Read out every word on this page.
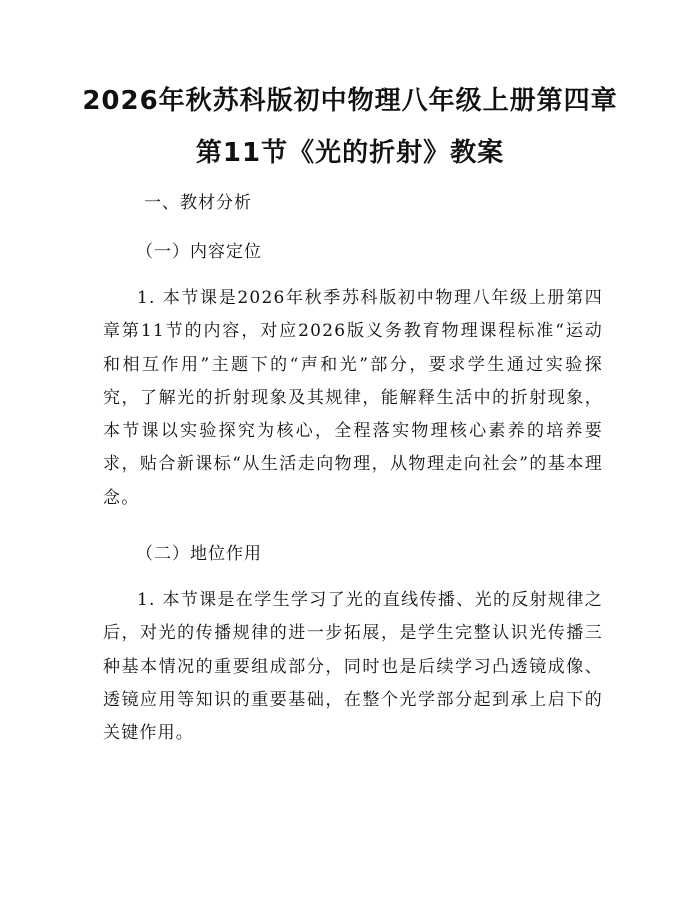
2026年秋苏科版初中物理八年级上册第四章
第11节《光的折射》教案
一、教材分析
（一）内容定位
1. 本节课是2026年秋季苏科版初中物理八年级上册第四章第11节的内容，对应2026版义务教育物理课程标准“运动和相互作用”主题下的“声和光”部分，要求学生通过实验探究，了解光的折射现象及其规律，能解释生活中的折射现象，本节课以实验探究为核心，全程落实物理核心素养的培养要求，贴合新课标“从生活走向物理，从物理走向社会”的基本理念。
（二）地位作用
1. 本节课是在学生学习了光的直线传播、光的反射规律之后，对光的传播规律的进一步拓展，是学生完整认识光传播三种基本情况的重要组成部分，同时也是后续学习凸透镜成像、透镜应用等知识的重要基础，在整个光学部分起到承上启下的关键作用。
